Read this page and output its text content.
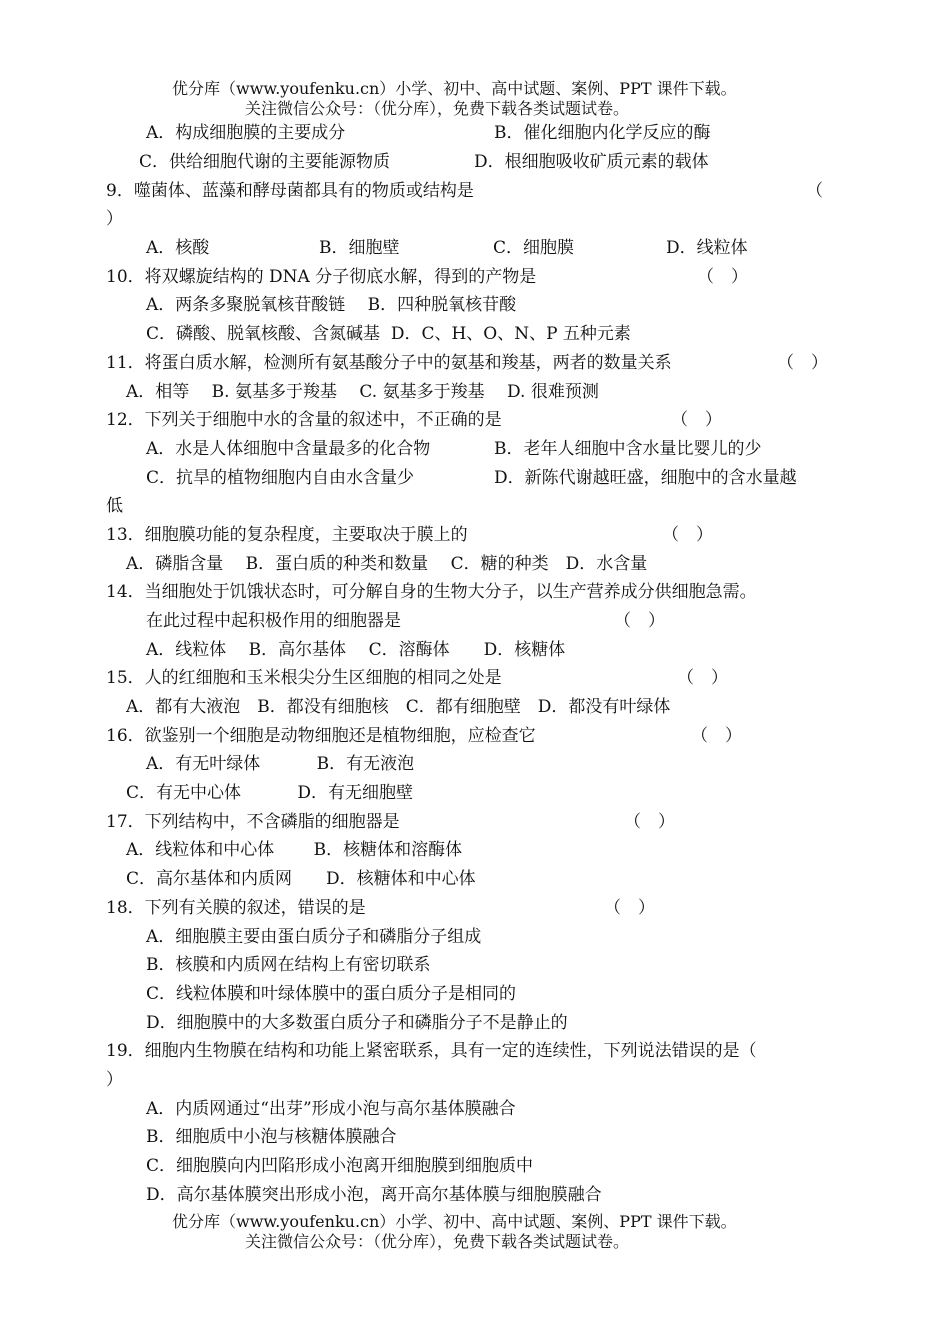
优分库（www.youfenku.cn）小学、初中、高中试题、案例、PPT 课件下载。
关注微信公众号：（优分库），免费下载各类试题试卷。
A．构成细胞膜的主要成分	B．催化细胞内化学反应的酶
C．供给细胞代谢的主要能源物质	D．根细胞吸收矿质元素的载体
9．噬菌体、蓝藻和酵母菌都具有的物质或结构是	（
）
A．核酸	B．细胞壁	C．细胞膜	D．线粒体
10．将双螺旋结构的 DNA 分子彻底水解，得到的产物是	（　）
A．两条多聚脱氧核苷酸链　 B．四种脱氧核苷酸
C．磷酸、脱氧核酸、含氮碱基  D．C、H、O、N、P 五种元素
11．将蛋白质水解，检测所有氨基酸分子中的氨基和羧基，两者的数量关系	（　）
A．相等　 B. 氨基多于羧基　 C. 氨基多于羧基　 D. 很难预测
12．下列关于细胞中水的含量的叙述中，不正确的是	（　）
A．水是人体细胞中含量最多的化合物	B．老年人细胞中含水量比婴儿的少
C．抗旱的植物细胞内自由水含量少	D．新陈代谢越旺盛，细胞中的含水量越
低
13．细胞膜功能的复杂程度，主要取决于膜上的	（　）
A．磷脂含量　 B．蛋白质的种类和数量　 C．糖的种类　D．水含量
14．当细胞处于饥饿状态时，可分解自身的生物大分子，以生产营养成分供细胞急需。
在此过程中起积极作用的细胞器是	（　）
A．线粒体　 B．高尔基体　 C．溶酶体　　D．核糖体
15．人的红细胞和玉米根尖分生区细胞的相同之处是	（　）
A．都有大液泡　B．都没有细胞核　C．都有细胞壁　D．都没有叶绿体
16．欲鉴别一个细胞是动物细胞还是植物细胞，应检查它	（　）
A．有无叶绿体　　　 B．有无液泡
C．有无中心体　　　 D．有无细胞壁
17．下列结构中，不含磷脂的细胞器是	（　）
A．线粒体和中心体　　 B．核糖体和溶酶体
C．高尔基体和内质网　　D．核糖体和中心体
18．下列有关膜的叙述，错误的是	（　）
A．细胞膜主要由蛋白质分子和磷脂分子组成
B．核膜和内质网在结构上有密切联系
C．线粒体膜和叶绿体膜中的蛋白质分子是相同的
D．细胞膜中的大多数蛋白质分子和磷脂分子不是静止的
19．细胞内生物膜在结构和功能上紧密联系，具有一定的连续性，下列说法错误的是（
）
A．内质网通过“出芽”形成小泡与高尔基体膜融合
B．细胞质中小泡与核糖体膜融合
C．细胞膜向内凹陷形成小泡离开细胞膜到细胞质中
D．高尔基体膜突出形成小泡，离开高尔基体膜与细胞膜融合
优分库（www.youfenku.cn）小学、初中、高中试题、案例、PPT 课件下载。
关注微信公众号：（优分库），免费下载各类试题试卷。
